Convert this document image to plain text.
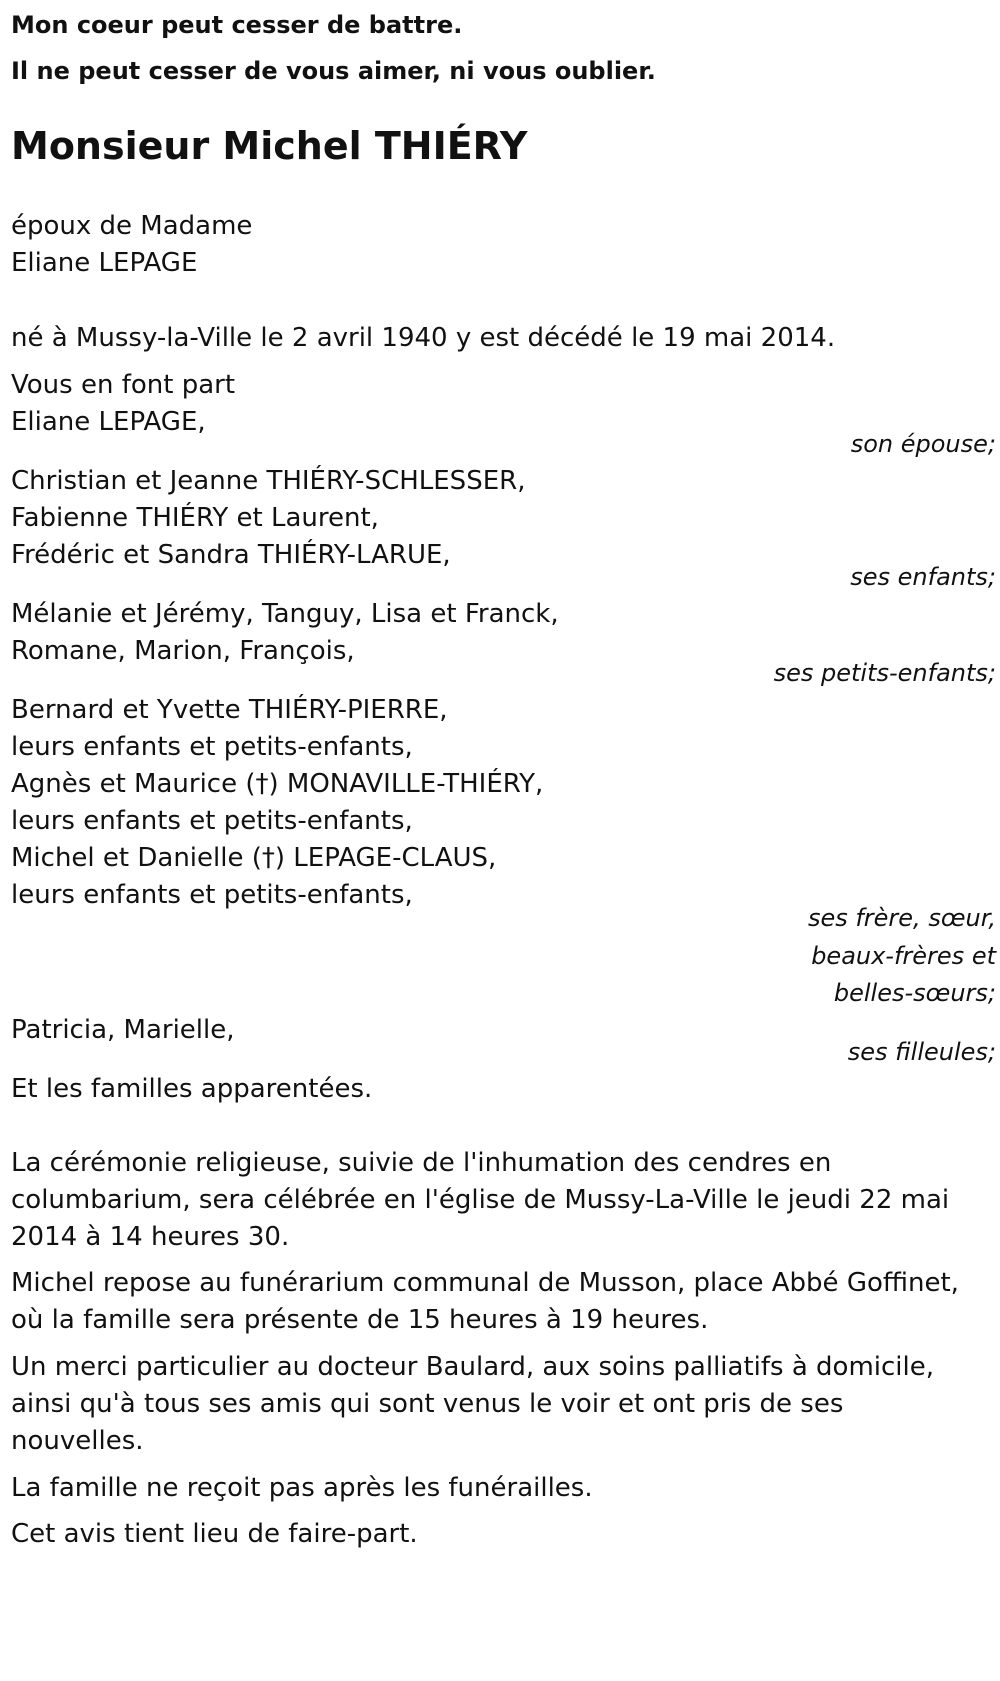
Mon coeur peut cesser de battre.
Il ne peut cesser de vous aimer, ni vous oublier.
Monsieur Michel THIÉRY
époux de Madame
Eliane LEPAGE
né à Mussy-la-Ville le 2 avril 1940 y est décédé le 19 mai 2014.
Vous en font part
Eliane LEPAGE,
son épouse;
Christian et Jeanne THIÉRY-SCHLESSER,
Fabienne THIÉRY et Laurent,
Frédéric et Sandra THIÉRY-LARUE,
ses enfants;
Mélanie et Jérémy, Tanguy, Lisa et Franck,
Romane, Marion, François,
ses petits-enfants;
Bernard et Yvette THIÉRY-PIERRE,
leurs enfants et petits-enfants,
Agnès et Maurice (†) MONAVILLE-THIÉRY,
leurs enfants et petits-enfants,
Michel et Danielle (†) LEPAGE-CLAUS,
leurs enfants et petits-enfants,
ses frère, sœur,
beaux-frères et
belles-sœurs;
Patricia, Marielle,
ses filleules;
Et les familles apparentées.
La cérémonie religieuse, suivie de l'inhumation des cendres en
columbarium, sera célébrée en l'église de Mussy-La-Ville le jeudi 22 mai
2014 à 14 heures 30.
Michel repose au funérarium communal de Musson, place Abbé Goffinet,
où la famille sera présente de 15 heures à 19 heures.
Un merci particulier au docteur Baulard, aux soins palliatifs à domicile,
ainsi qu'à tous ses amis qui sont venus le voir et ont pris de ses
nouvelles.
La famille ne reçoit pas après les funérailles.
Cet avis tient lieu de faire-part.
